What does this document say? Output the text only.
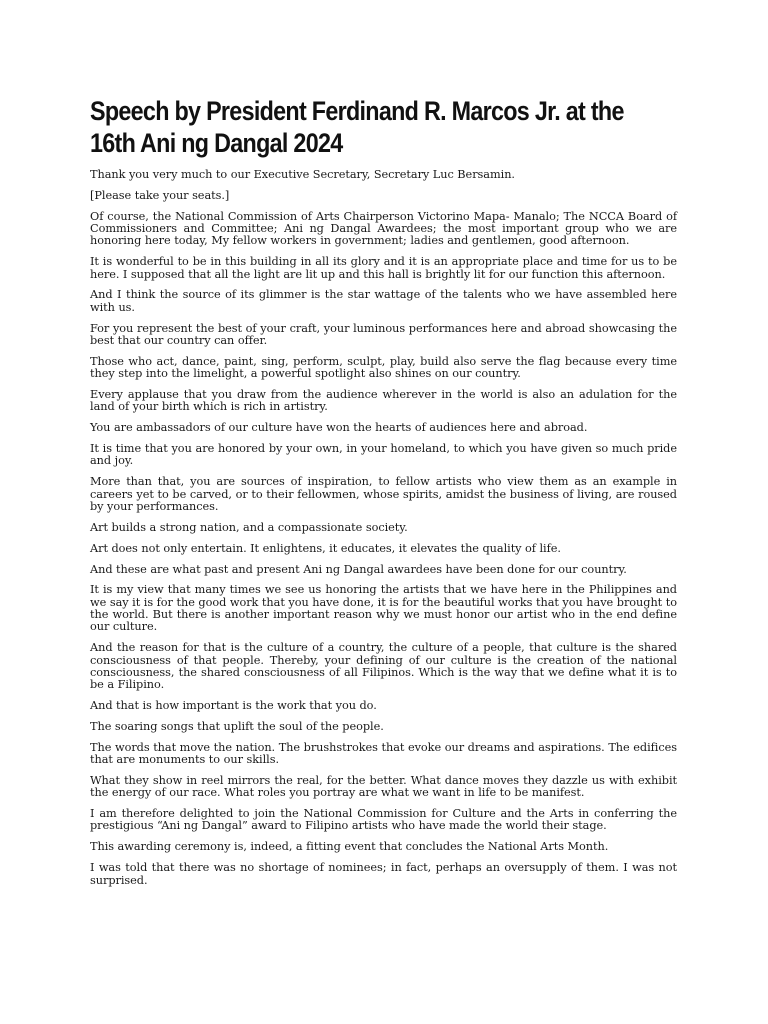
Speech by President Ferdinand R. Marcos Jr. at the 16th Ani ng Dangal 2024

Thank you very much to our Executive Secretary, Secretary Luc Bersamin.

[Please take your seats.]

Of course, the National Commission of Arts Chairperson Victorino Mapa- Manalo; The NCCA Board of Commissioners and Committee; Ani ng Dangal Awardees; the most important group who we are honoring here today, My fellow workers in government; ladies and gentlemen, good afternoon.

It is wonderful to be in this building in all its glory and it is an appropriate place and time for us to be here. I supposed that all the light are lit up and this hall is brightly lit for our function this afternoon.

And I think the source of its glimmer is the star wattage of the talents who we have assembled here with us.

For you represent the best of your craft, your luminous performances here and abroad showcasing the best that our country can offer.

Those who act, dance, paint, sing, perform, sculpt, play, build also serve the flag because every time they step into the limelight, a powerful spotlight also shines on our country.

Every applause that you draw from the audience wherever in the world is also an adulation for the land of your birth which is rich in artistry.

You are ambassadors of our culture have won the hearts of audiences here and abroad.

It is time that you are honored by your own, in your homeland, to which you have given so much pride and joy.

More than that, you are sources of inspiration, to fellow artists who view them as an example in careers yet to be carved, or to their fellowmen, whose spirits, amidst the business of living, are roused by your performances.

Art builds a strong nation, and a compassionate society.

Art does not only entertain. It enlightens, it educates, it elevates the quality of life.

And these are what past and present Ani ng Dangal awardees have been done for our country.

It is my view that many times we see us honoring the artists that we have here in the Philippines and we say it is for the good work that you have done, it is for the beautiful works that you have brought to the world. But there is another important reason why we must honor our artist who in the end define our culture.

And the reason for that is the culture of a country, the culture of a people, that culture is the shared consciousness of that people. Thereby, your defining of our culture is the creation of the national consciousness, the shared consciousness of all Filipinos. Which is the way that we define what it is to be a Filipino.

And that is how important is the work that you do.

The soaring songs that uplift the soul of the people.

The words that move the nation. The brushstrokes that evoke our dreams and aspirations. The edifices that are monuments to our skills.

What they show in reel mirrors the real, for the better. What dance moves they dazzle us with exhibit the energy of our race. What roles you portray are what we want in life to be manifest.

I am therefore delighted to join the National Commission for Culture and the Arts in conferring the prestigious “Ani ng Dangal” award to Filipino artists who have made the world their stage.

This awarding ceremony is, indeed, a fitting event that concludes the National Arts Month.

I was told that there was no shortage of nominees; in fact, perhaps an oversupply of them. I was not surprised.
